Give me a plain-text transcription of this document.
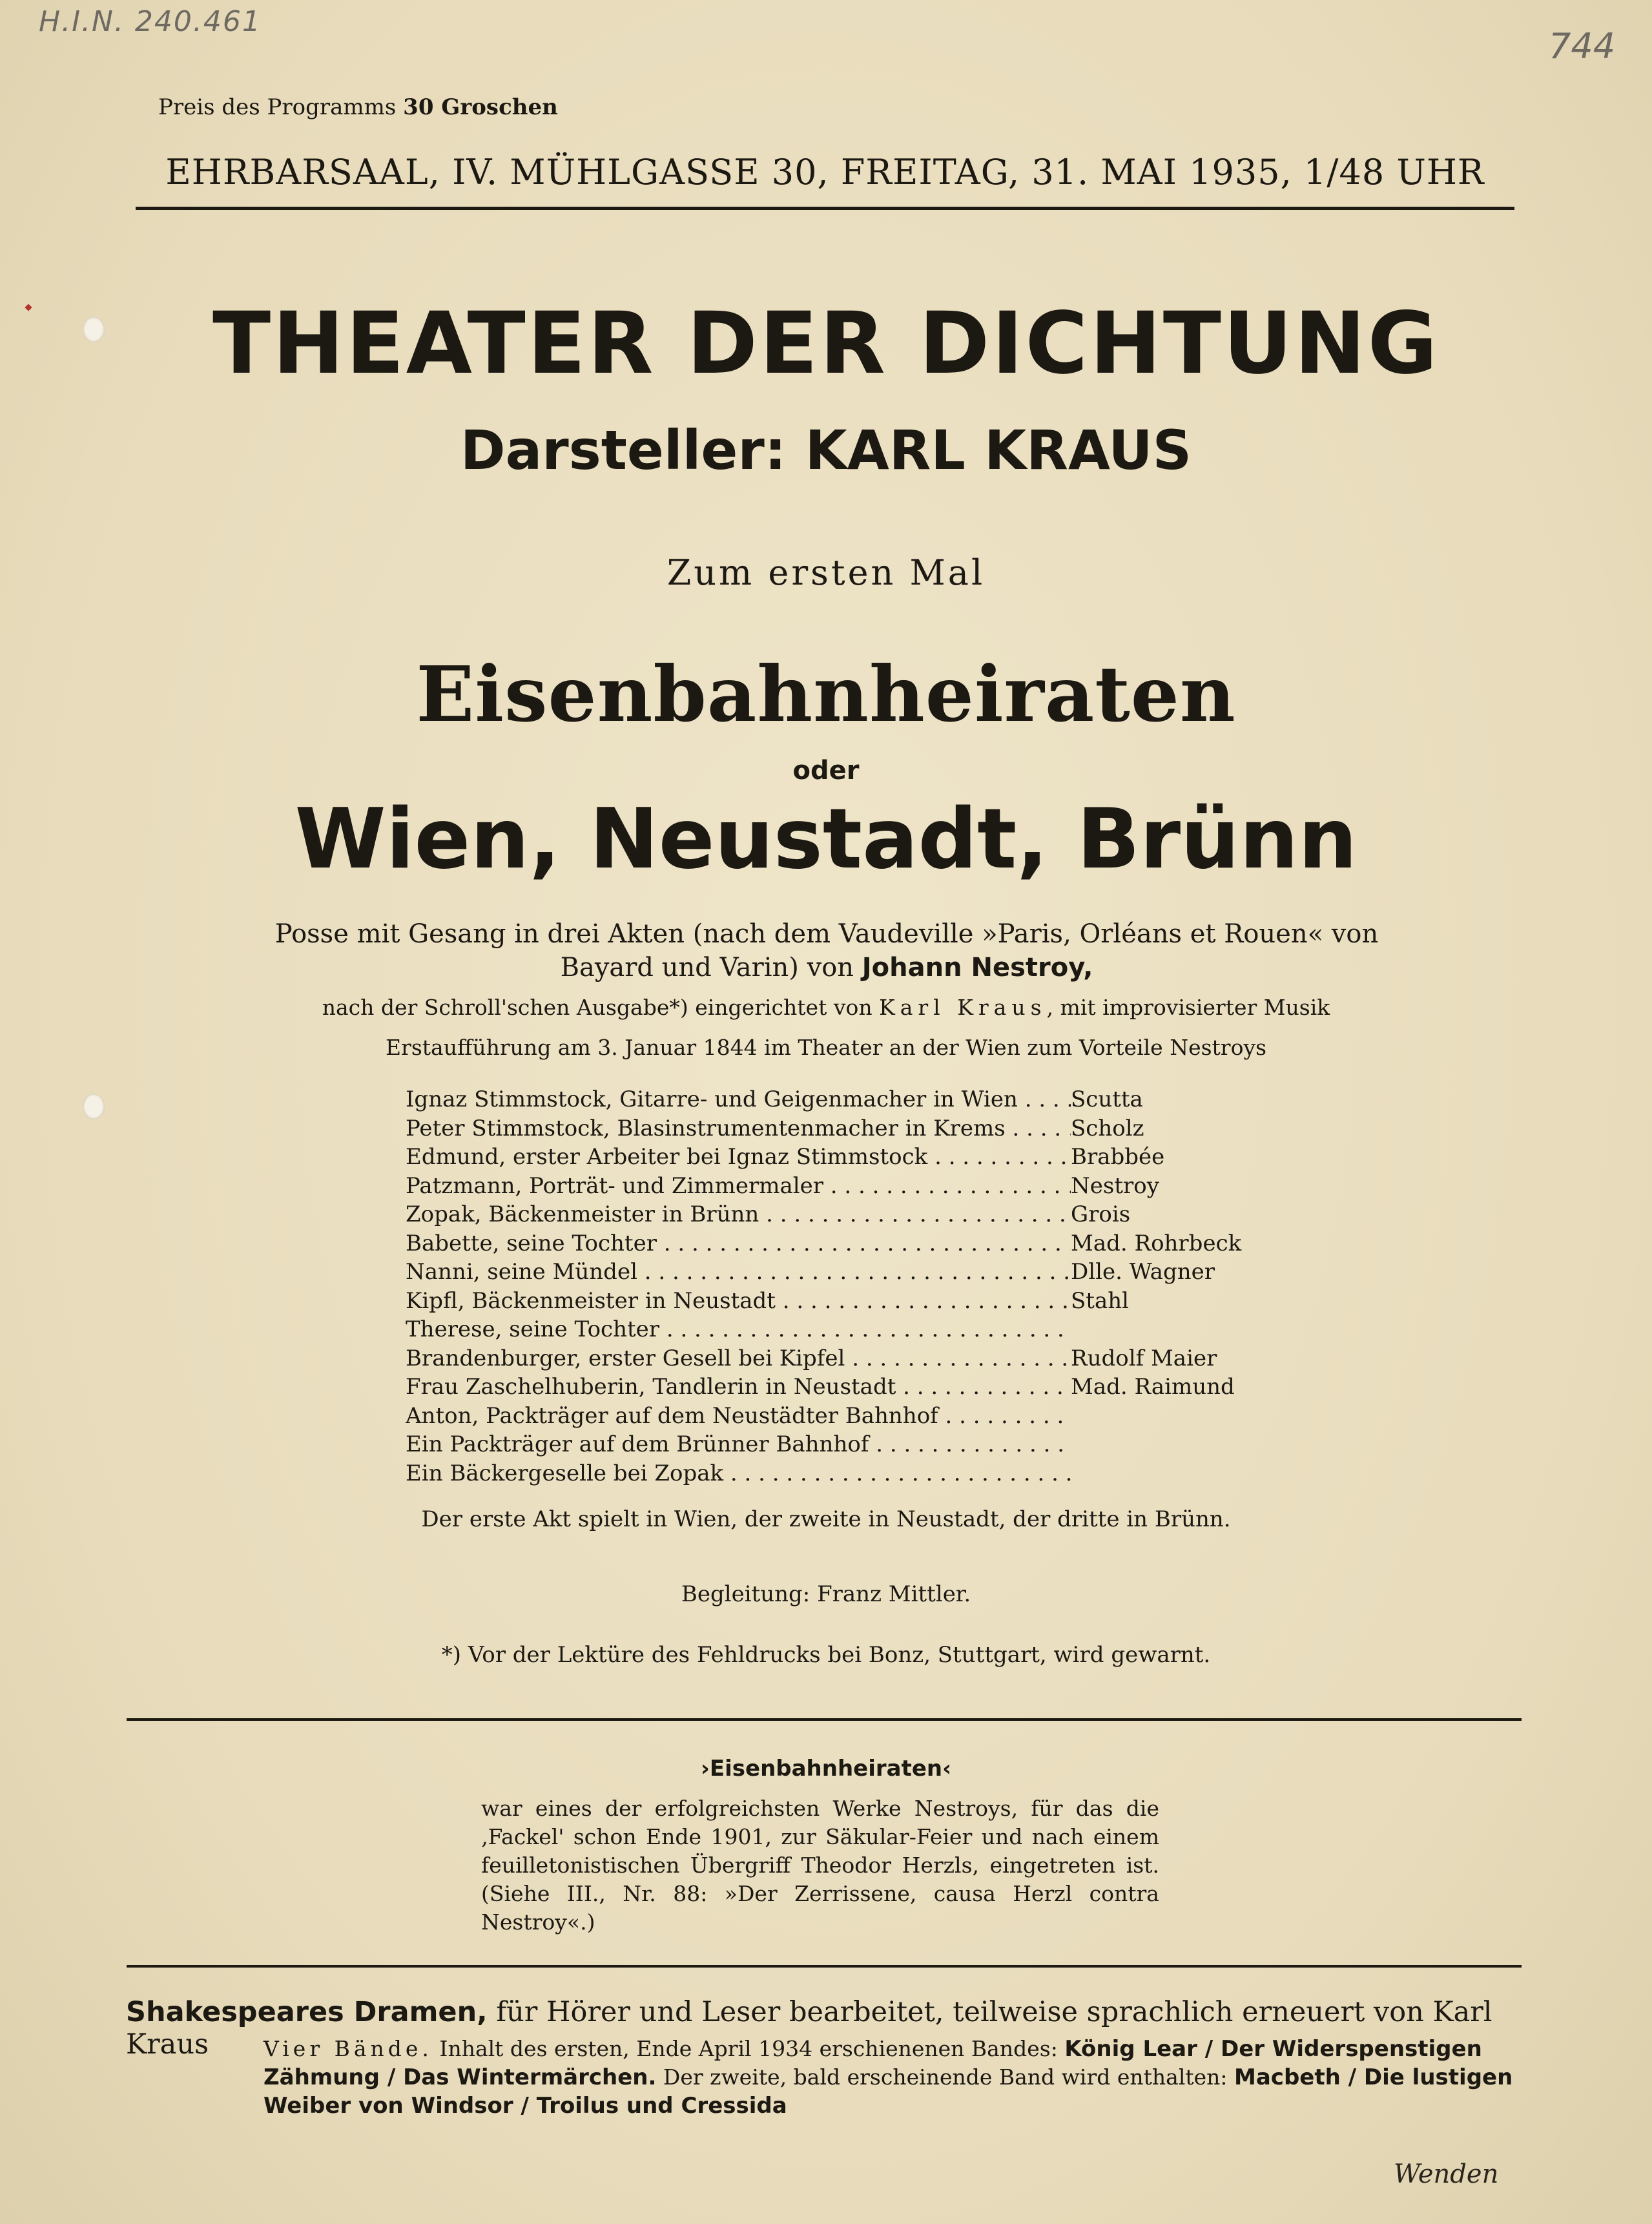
H.I.N. 240.461
744
Preis des Programms 30 Groschen
EHRBARSAAL, IV. MÜHLGASSE 30, FREITAG, 31. MAI 1935, 1/48 UHR
THEATER DER DICHTUNG
Darsteller: KARL KRAUS
Zum ersten Mal
Eisenbahnheiraten
oder
Wien, Neustadt, Brünn
Posse mit Gesang in drei Akten (nach dem Vaudeville »Paris, Orléans et Rouen« von
Bayard und Varin) von Johann Nestroy,
nach der Schroll'schen Ausgabe*) eingerichtet von Karl Kraus, mit improvisierter Musik
Erstaufführung am 3. Januar 1844 im Theater an der Wien zum Vorteile Nestroys
Ignaz Stimmstock, Gitarre- und Geigenmacher in Wien . . .	Scutta
Peter Stimmstock, Blasinstrumentenmacher in Krems . . .	Scholz
Edmund, erster Arbeiter bei Ignaz Stimmstock . . .	Brabbée
Patzmann, Porträt- und Zimmermaler . . .	Nestroy
Zopak, Bäckenmeister in Brünn . . .	Grois
Babette, seine Tochter . . .	Mad. Rohrbeck
Nanni, seine Mündel . . .	Dlle. Wagner
Kipfl, Bäckenmeister in Neustadt . . .	Stahl
Therese, seine Tochter . . .
Brandenburger, erster Gesell bei Kipfel . . .	Rudolf Maier
Frau Zaschelhuberin, Tandlerin in Neustadt . . .	Mad. Raimund
Anton, Packträger auf dem Neustädter Bahnhof . . .
Ein Packträger auf dem Brünner Bahnhof . . .
Ein Bäckergeselle bei Zopak . . .
Der erste Akt spielt in Wien, der zweite in Neustadt, der dritte in Brünn.
Begleitung: Franz Mittler.
*) Vor der Lektüre des Fehldrucks bei Bonz, Stuttgart, wird gewarnt.
›Eisenbahnheiraten‹
war eines der erfolgreichsten Werke Nestroys, für das die
‚Fackel' schon Ende 1901, zur Säkular-Feier und nach einem
feuilletonistischen Übergriff Theodor Herzls, eingetreten ist.
(Siehe III., Nr. 88: »Der Zerrissene, causa Herzl contra Nestroy«.)
Shakespeares Dramen, für Hörer und Leser bearbeitet, teilweise sprachlich erneuert von Karl Kraus	Vier Bände. Inhalt des ersten, Ende April 1934 erschienenen Bandes: König Lear / Der Widerspenstigen Zähmung / Das Wintermärchen. Der zweite, bald erscheinende Band wird enthalten: Macbeth / Die lustigen Weiber von Windsor / Troilus und Cressida
Wenden
